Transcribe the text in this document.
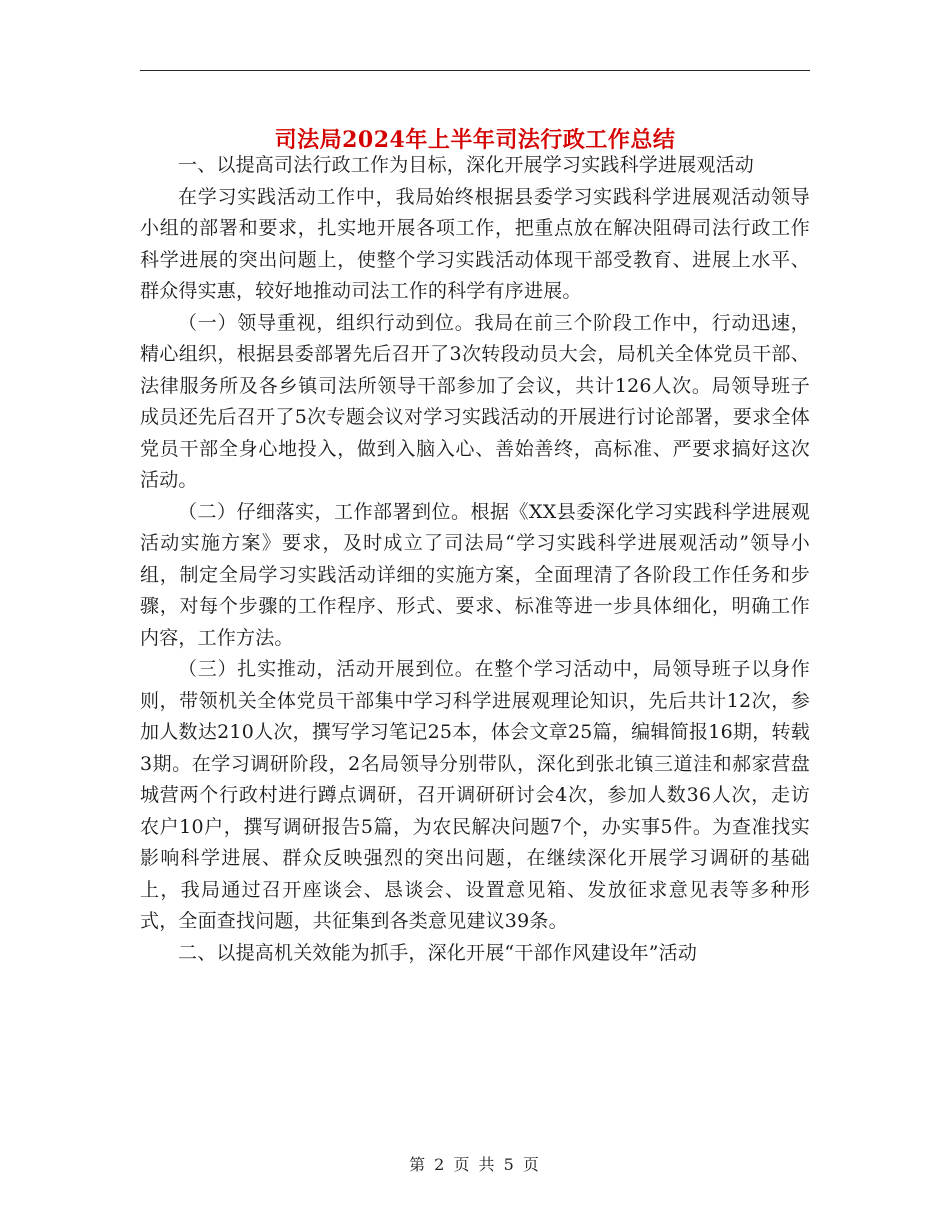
司法局2024年上半年司法行政工作总结

一、以提高司法行政工作为目标，深化开展学习实践科学进展观活动

在学习实践活动工作中，我局始终根据县委学习实践科学进展观活动领导小组的部署和要求，扎实地开展各项工作，把重点放在解决阻碍司法行政工作科学进展的突出问题上，使整个学习实践活动体现干部受教育、进展上水平、群众得实惠，较好地推动司法工作的科学有序进展。

（一）领导重视，组织行动到位。我局在前三个阶段工作中，行动迅速，精心组织，根据县委部署先后召开了3次转段动员大会，局机关全体党员干部、法律服务所及各乡镇司法所领导干部参加了会议，共计126人次。局领导班子成员还先后召开了5次专题会议对学习实践活动的开展进行讨论部署，要求全体党员干部全身心地投入，做到入脑入心、善始善终，高标准、严要求搞好这次活动。

（二）仔细落实，工作部署到位。根据《XX县委深化学习实践科学进展观活动实施方案》要求，及时成立了司法局“学习实践科学进展观活动”领导小组，制定全局学习实践活动详细的实施方案，全面理清了各阶段工作任务和步骤，对每个步骤的工作程序、形式、要求、标准等进一步具体细化，明确工作内容，工作方法。

（三）扎实推动，活动开展到位。在整个学习活动中，局领导班子以身作则，带领机关全体党员干部集中学习科学进展观理论知识，先后共计12次，参加人数达210人次，撰写学习笔记25本，体会文章25篇，编辑简报16期，转载3期。在学习调研阶段，2名局领导分别带队，深化到张北镇三道洼和郝家营盘城营两个行政村进行蹲点调研，召开调研研讨会4次，参加人数36人次，走访农户10户，撰写调研报告5篇，为农民解决问题7个，办实事5件。为查准找实影响科学进展、群众反映强烈的突出问题，在继续深化开展学习调研的基础上，我局通过召开座谈会、恳谈会、设置意见箱、发放征求意见表等多种形式，全面查找问题，共征集到各类意见建议39条。

二、以提高机关效能为抓手，深化开展“干部作风建设年”活动

第 2 页 共 5 页
